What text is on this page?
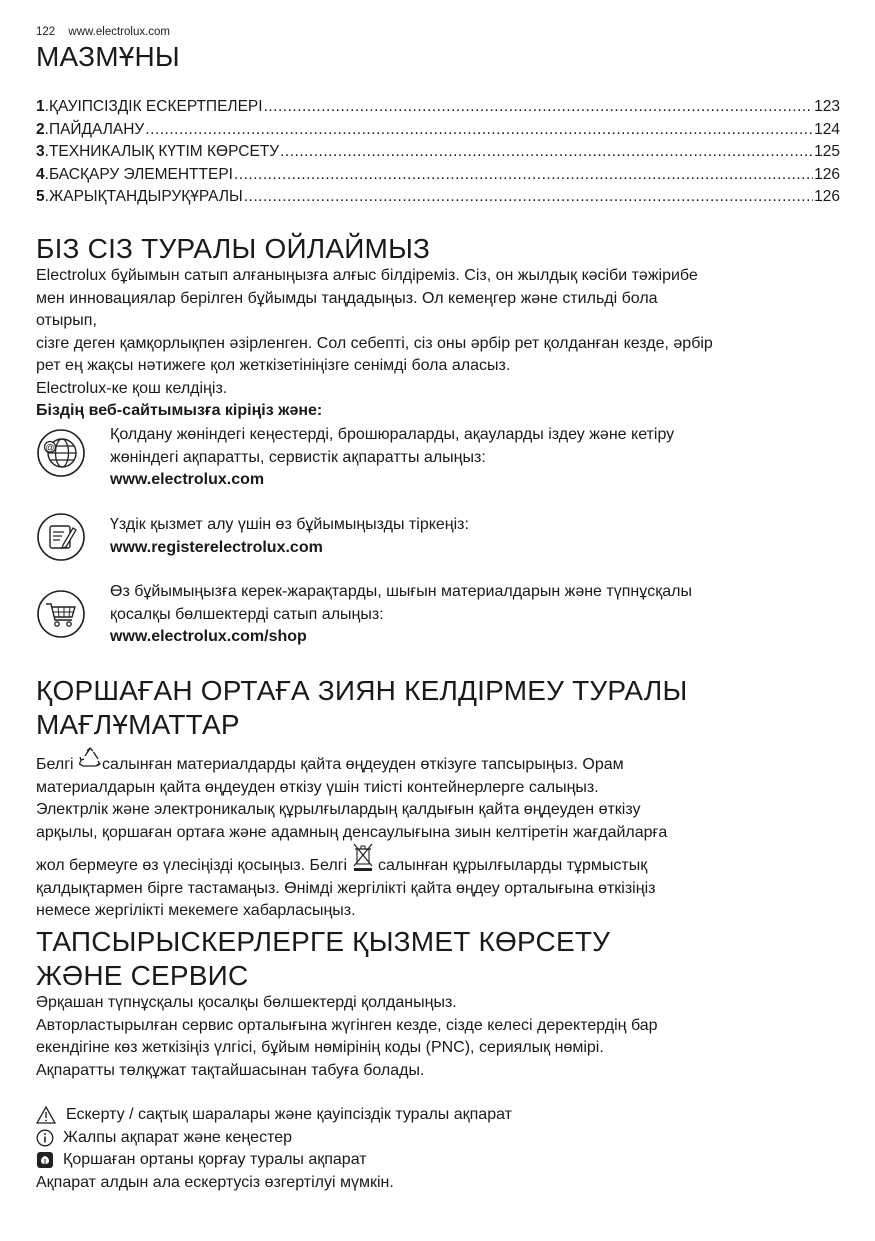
122 www.electrolux.com
МАЗМҰНЫ
1 . ҚАУІПСІЗДІК ЕСКЕРТПЕЛЕРІ .....	123
2 . ПАЙДАЛАНУ .....	124
3 . ТЕХНИКАЛЫҚ КҮТІМ КӨРСЕТУ .....	125
4 . БАСҚАРУ ЭЛЕМЕНТТЕРІ .....	126
5 . ЖАРЫҚТАНДЫРУҚҰРАЛЫ .....	126
БІЗ СІЗ ТУРАЛЫ ОЙЛАЙМЫЗ
Electrolux бұйымын сатып алғаныңызға алғыс білдіреміз. Сіз, он жылдық кәсіби тәжірибе
мен инновациялар берілген бұйымды таңдадыңыз. Ол кемеңгер және стильді бола
отырып,
сізге деген қамқорлықпен әзірленген. Сол себепті, сіз оны әрбір рет қолданған кезде, әрбір
рет ең жақсы нәтижеге қол жеткізетініңізге сенімді бола аласыз.
Electrolux-ке қош келдіңіз.
Біздің веб-сайтымызға кіріңіз және:
@
Қолдану жөніндегі кеңестерді, брошюраларды, ақауларды іздеу және кетіру
жөніндегі ақпаратты, сервистік ақпаратты алыңыз:
www.electrolux.com
Үздік қызмет алу үшін өз бұйымыңызды тіркеңіз:
www.registerelectrolux.com
Өз бұйымыңызға керек-жарақтарды, шығын материалдарын және түпнұсқалы
қосалқы бөлшектерді сатып алыңыз:
www.electrolux.com/shop
ҚОРШАҒАН ОРТАҒА ЗИЯН КЕЛДІРМЕУ ТУРАЛЫ
МАҒЛҰМАТТАР
Белгі салынған материалдарды қайта өңдеуден өткізуге тапсырыңыз. Орам
материалдарын қайта өңдеуден өткізу үшін тиісті контейнерлерге салыңыз.
Электрлік және электроникалық құрылғылардың қалдығын қайта өңдеуден өткізу
арқылы, қоршаған ортаға және адамның денсаулығына зиын келтіретін жағдайларға
жол бермеуге өз үлесіңізді қосыңыз. Белгі салынған құрылғыларды тұрмыстық
қалдықтармен бірге тастамаңыз. Өнімді жергілікті қайта өңдеу орталығына өткізіңіз
немесе жергілікті мекемеге хабарласыңыз.
ТАПСЫРЫСКЕРЛЕРГЕ ҚЫЗМЕТ КӨРСЕТУ
ЖӘНЕ СЕРВИС
Әрқашан түпнұсқалы қосалқы бөлшектерді қолданыңыз.
Авторластырылған сервис орталығына жүгінген кезде, сізде келесі деректердің бар
екендігіне көз жеткізіңіз үлгісі, бұйым нөмірінің коды (PNC), сериялық нөмірі.
Ақпаратты төлқұжат тақтайшасынан табуға болады.
Ескерту / сақтық шаралары және қауіпсіздік туралы ақпарат
Жалпы ақпарат және кеңестер
Қоршаған ортаны қорғау туралы ақпарат
Ақпарат алдын ала ескертусіз өзгертілуі мүмкін.
